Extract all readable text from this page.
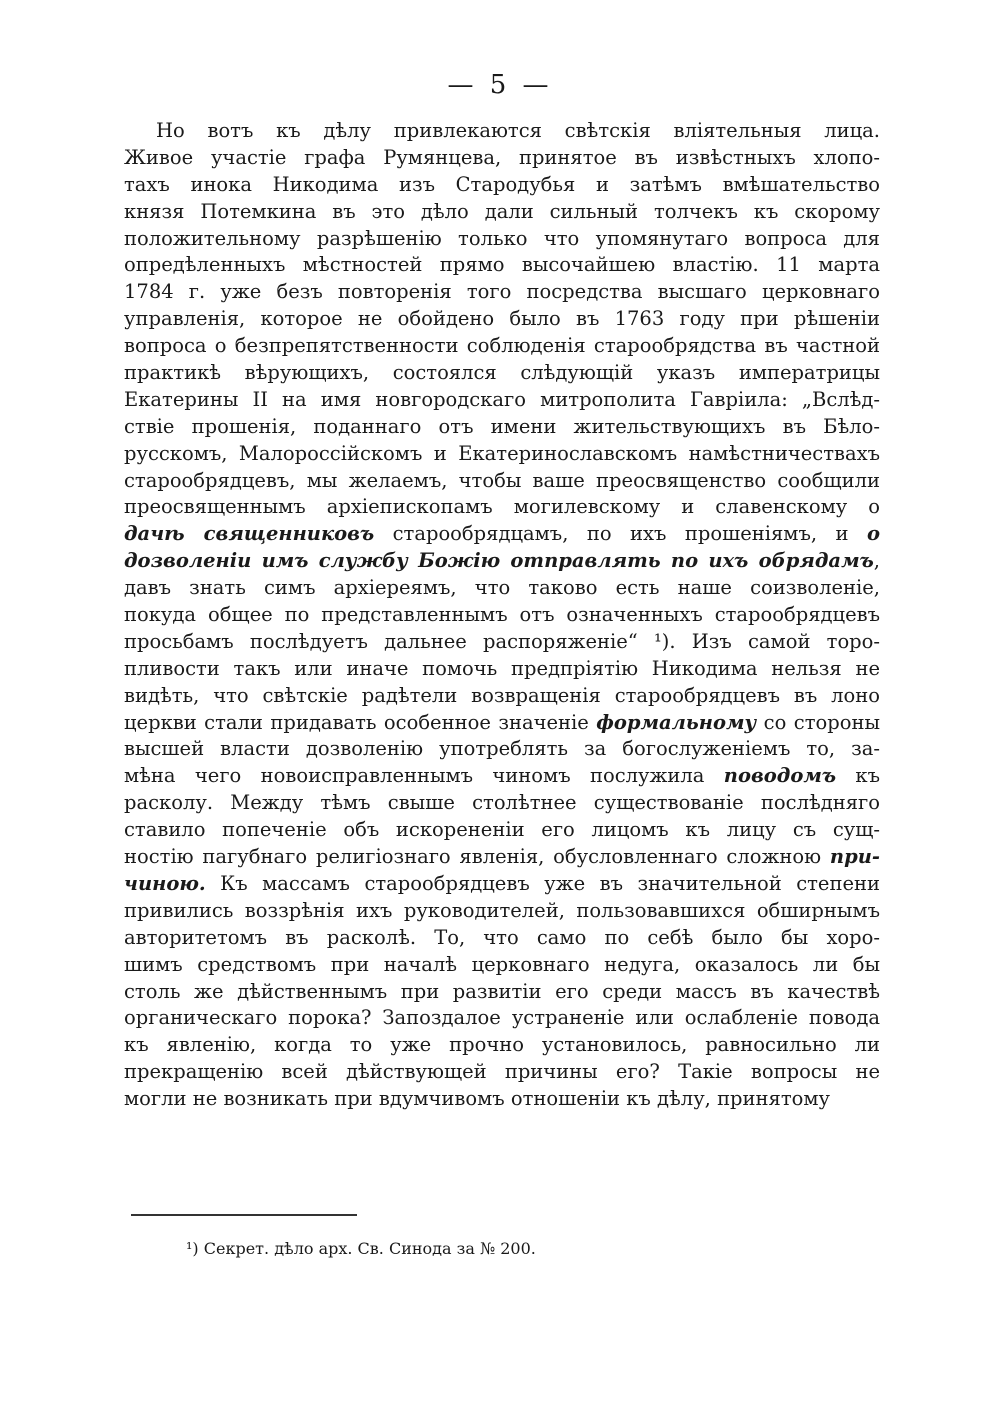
— 5 —
Но вотъ къ дѣлу привлекаются свѣтскія вліятельныя лица.
Живое участіе графа Румянцева, принятое въ извѣстныхъ хлопо-
тахъ инока Никодима изъ Стародубья и затѣмъ вмѣшательство
князя Потемкина въ это дѣло дали сильный толчекъ къ скорому
положительному разрѣшенію только что упомянутаго вопроса для
опредѣленныхъ мѣстностей прямо высочайшею властію. 11 марта
1784 г. уже безъ повторенія того посредства высшаго церковнаго
управленія, которое не обойдено было въ 1763 году при рѣшеніи
вопроса о безпрепятственности соблюденія старообрядства въ частной
практикѣ вѣрующихъ, состоялся слѣдующій указъ императрицы
Екатерины II на имя новгородскаго митрополита Гаврiила: „Вслѣд-
ствіе прошенія, поданнаго отъ имени жительствующихъ въ Бѣло-
русскомъ, Малороссійскомъ и Екатеринославскомъ намѣстничествахъ
старообрядцевъ, мы желаемъ, чтобы ваше преосвященство сообщили
преосвященнымъ архіепископамъ могилевскому и славенскому о
дачѣ священниковъ старообрядцамъ, по ихъ прошеніямъ, и о
дозволеніи имъ службу Божію отправлять по ихъ обрядамъ,
давъ знать симъ архіереямъ, что таково есть наше соизволеніе,
покуда общее по представленнымъ отъ означенныхъ старообрядцевъ
просьбамъ послѣдуетъ дальнее распоряженіе“ ¹). Изъ самой торо-
пливости такъ или иначе помочь предпріятію Никодима нельзя не
видѣть, что свѣтскіе радѣтели возвращенія старообрядцевъ въ лоно
церкви стали придавать особенное значеніе формальному со стороны
высшей власти дозволенію употреблять за богослуженіемъ то, за-
мѣна чего новоисправленнымъ чиномъ послужила поводомъ къ
расколу. Между тѣмъ свыше столѣтнее существованіе послѣдняго
ставило попеченіе объ искорененіи его лицомъ къ лицу съ сущ-
ностію пагубнаго религіознаго явленія, обусловленнаго сложною при-
чиною. Къ массамъ старообрядцевъ уже въ значительной степени
привились воззрѣнія ихъ руководителей, пользовавшихся обширнымъ
авторитетомъ въ расколѣ. То, что само по себѣ было бы хоро-
шимъ средствомъ при началѣ церковнаго недуга, оказалось ли бы
столь же дѣйственнымъ при развитіи его среди массъ въ качествѣ
органическаго порока? Запоздалое устраненіе или ослабленіе повода
къ явленію, когда то уже прочно установилось, равносильно ли
прекращенію всей дѣйствующей причины его? Такіе вопросы не
могли не возникать при вдумчивомъ отношеніи къ дѣлу, принятому
¹) Секрет. дѣло арх. Св. Синода за № 200.
